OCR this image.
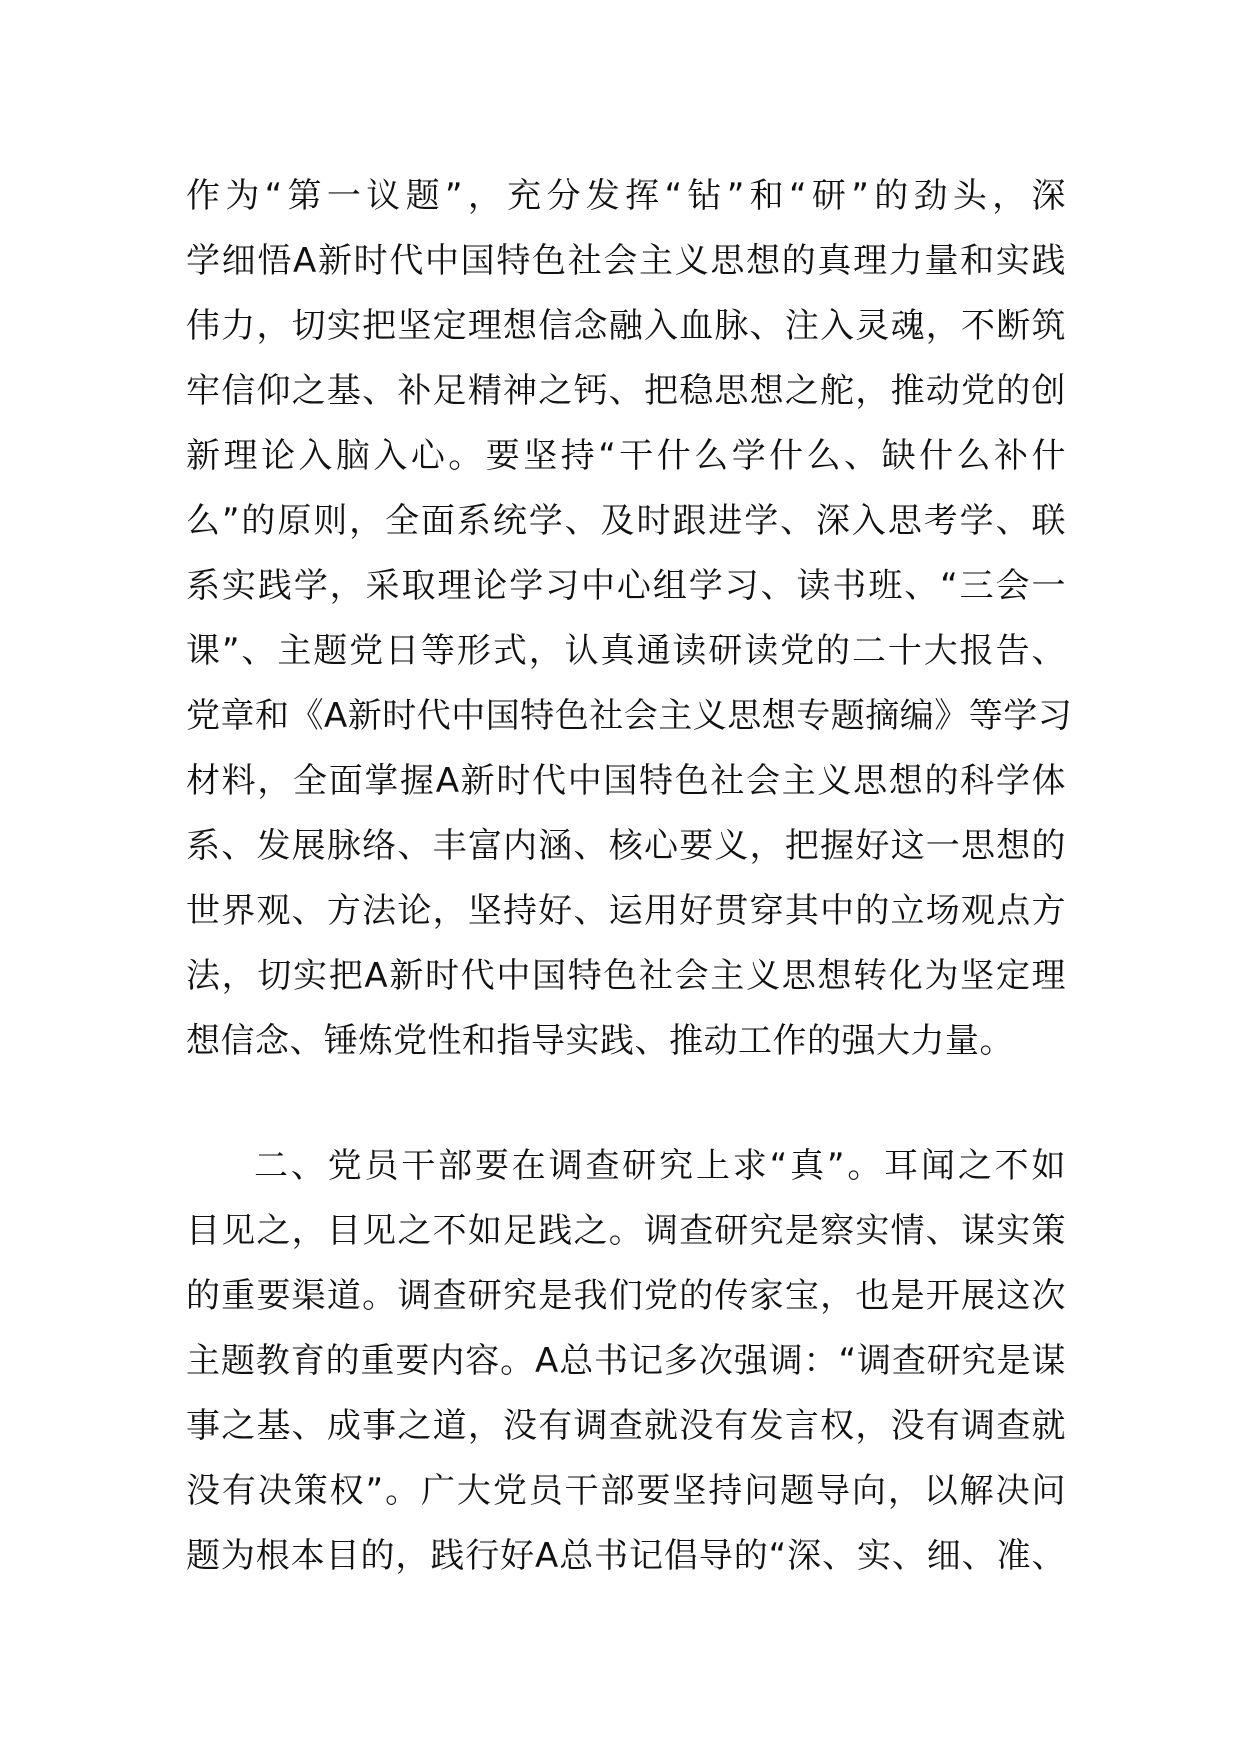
作为“第一议题”，充分发挥“钻”和“研”的劲头，深
学细悟A新时代中国特色社会主义思想的真理力量和实践
伟力，切实把坚定理想信念融入血脉、注入灵魂，不断筑
牢信仰之基、补足精神之钙、把稳思想之舵，推动党的创
新理论入脑入心。要坚持“干什么学什么、缺什么补什
么”的原则，全面系统学、及时跟进学、深入思考学、联
系实践学，采取理论学习中心组学习、读书班、“三会一
课”、主题党日等形式，认真通读研读党的二十大报告、
党章和《A新时代中国特色社会主义思想专题摘编》等学习
材料，全面掌握A新时代中国特色社会主义思想的科学体
系、发展脉络、丰富内涵、核心要义，把握好这一思想的
世界观、方法论，坚持好、运用好贯穿其中的立场观点方
法，切实把A新时代中国特色社会主义思想转化为坚定理
想信念、锤炼党性和指导实践、推动工作的强大力量。
二、党员干部要在调查研究上求“真”。耳闻之不如
目见之，目见之不如足践之。调查研究是察实情、谋实策
的重要渠道。调查研究是我们党的传家宝，也是开展这次
主题教育的重要内容。A总书记多次强调：“调查研究是谋
事之基、成事之道，没有调查就没有发言权，没有调查就
没有决策权”。广大党员干部要坚持问题导向，以解决问
题为根本目的，践行好A总书记倡导的“深、实、细、准、
